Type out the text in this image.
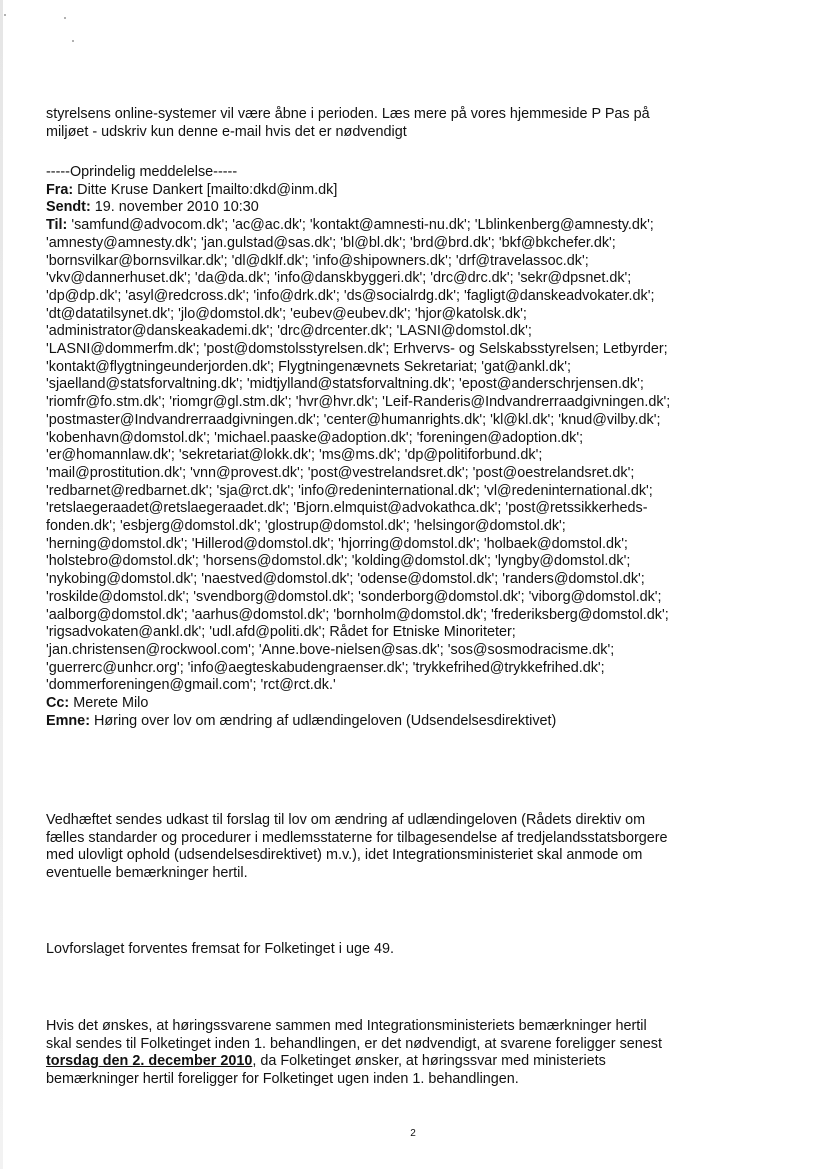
styrelsens online-systemer vil være åbne i perioden. Læs mere på vores hjemmeside P Pas på
miljøet - udskriv kun denne e-mail hvis det er nødvendigt
-----Oprindelig meddelelse-----
Fra: Ditte Kruse Dankert [mailto:dkd@inm.dk]
Sendt: 19. november 2010 10:30
Til: 'samfund@advocom.dk'; 'ac@ac.dk'; 'kontakt@amnesti-nu.dk'; 'Lblinkenberg@amnesty.dk';
'amnesty@amnesty.dk'; 'jan.gulstad@sas.dk'; 'bl@bl.dk'; 'brd@brd.dk'; 'bkf@bkchefer.dk';
'bornsvilkar@bornsvilkar.dk'; 'dl@dklf.dk'; 'info@shipowners.dk'; 'drf@travelassoc.dk';
'vkv@dannerhuset.dk'; 'da@da.dk'; 'info@danskbyggeri.dk'; 'drc@drc.dk'; 'sekr@dpsnet.dk';
'dp@dp.dk'; 'asyl@redcross.dk'; 'info@drk.dk'; 'ds@socialrdg.dk'; 'fagligt@danskeadvokater.dk';
'dt@datatilsynet.dk'; 'jlo@domstol.dk'; 'eubev@eubev.dk'; 'hjor@katolsk.dk';
'administrator@danskeakademi.dk'; 'drc@drcenter.dk'; 'LASNI@domstol.dk';
'LASNI@dommerfm.dk'; 'post@domstolsstyrelsen.dk'; Erhvervs- og Selskabsstyrelsen; Letbyrder;
'kontakt@flygtningeunderjorden.dk'; Flygtningenævnets Sekretariat; 'gat@ankl.dk';
'sjaelland@statsforvaltning.dk'; 'midtjylland@statsforvaltning.dk'; 'epost@anderschrjensen.dk';
'riomfr@fo.stm.dk'; 'riomgr@gl.stm.dk'; 'hvr@hvr.dk'; 'Leif-Randeris@Indvandrerraadgivningen.dk';
'postmaster@Indvandrerraadgivningen.dk'; 'center@humanrights.dk'; 'kl@kl.dk'; 'knud@vilby.dk';
'kobenhavn@domstol.dk'; 'michael.paaske@adoption.dk'; 'foreningen@adoption.dk';
'er@homannlaw.dk'; 'sekretariat@lokk.dk'; 'ms@ms.dk'; 'dp@politiforbund.dk';
'mail@prostitution.dk'; 'vnn@provest.dk'; 'post@vestrelandsret.dk'; 'post@oestrelandsret.dk';
'redbarnet@redbarnet.dk'; 'sja@rct.dk'; 'info@redeninternational.dk'; 'vl@redeninternational.dk';
'retslaegeraadet@retslaegeraadet.dk'; 'Bjorn.elmquist@advokathca.dk'; 'post@retssikkerheds-
fonden.dk'; 'esbjerg@domstol.dk'; 'glostrup@domstol.dk'; 'helsingor@domstol.dk';
'herning@domstol.dk'; 'Hillerod@domstol.dk'; 'hjorring@domstol.dk'; 'holbaek@domstol.dk';
'holstebro@domstol.dk'; 'horsens@domstol.dk'; 'kolding@domstol.dk'; 'lyngby@domstol.dk';
'nykobing@domstol.dk'; 'naestved@domstol.dk'; 'odense@domstol.dk'; 'randers@domstol.dk';
'roskilde@domstol.dk'; 'svendborg@domstol.dk'; 'sonderborg@domstol.dk'; 'viborg@domstol.dk';
'aalborg@domstol.dk'; 'aarhus@domstol.dk'; 'bornholm@domstol.dk'; 'frederiksberg@domstol.dk';
'rigsadvokaten@ankl.dk'; 'udl.afd@politi.dk'; Rådet for Etniske Minoriteter;
'jan.christensen@rockwool.com'; 'Anne.bove-nielsen@sas.dk'; 'sos@sosmodracisme.dk';
'guerrerc@unhcr.org'; 'info@aegteskabudengraenser.dk'; 'trykkefrihed@trykkefrihed.dk';
'dommerforeningen@gmail.com'; 'rct@rct.dk.'
Cc: Merete Milo
Emne: Høring over lov om ændring af udlændingeloven (Udsendelsesdirektivet)
Vedhæftet sendes udkast til forslag til lov om ændring af udlændingeloven (Rådets direktiv om
fælles standarder og procedurer i medlemsstaterne for tilbagesendelse af tredjelandsstatsborgere
med ulovligt ophold (udsendelsesdirektivet) m.v.), idet Integrationsministeriet skal anmode om
eventuelle bemærkninger hertil.
Lovforslaget forventes fremsat for Folketinget i uge 49.
Hvis det ønskes, at høringssvarene sammen med Integrationsministeriets bemærkninger hertil
skal sendes til Folketinget inden 1. behandlingen, er det nødvendigt, at svarene foreligger senest
torsdag den 2. december 2010, da Folketinget ønsker, at høringssvar med ministeriets
bemærkninger hertil foreligger for Folketinget ugen inden 1. behandlingen.
2
